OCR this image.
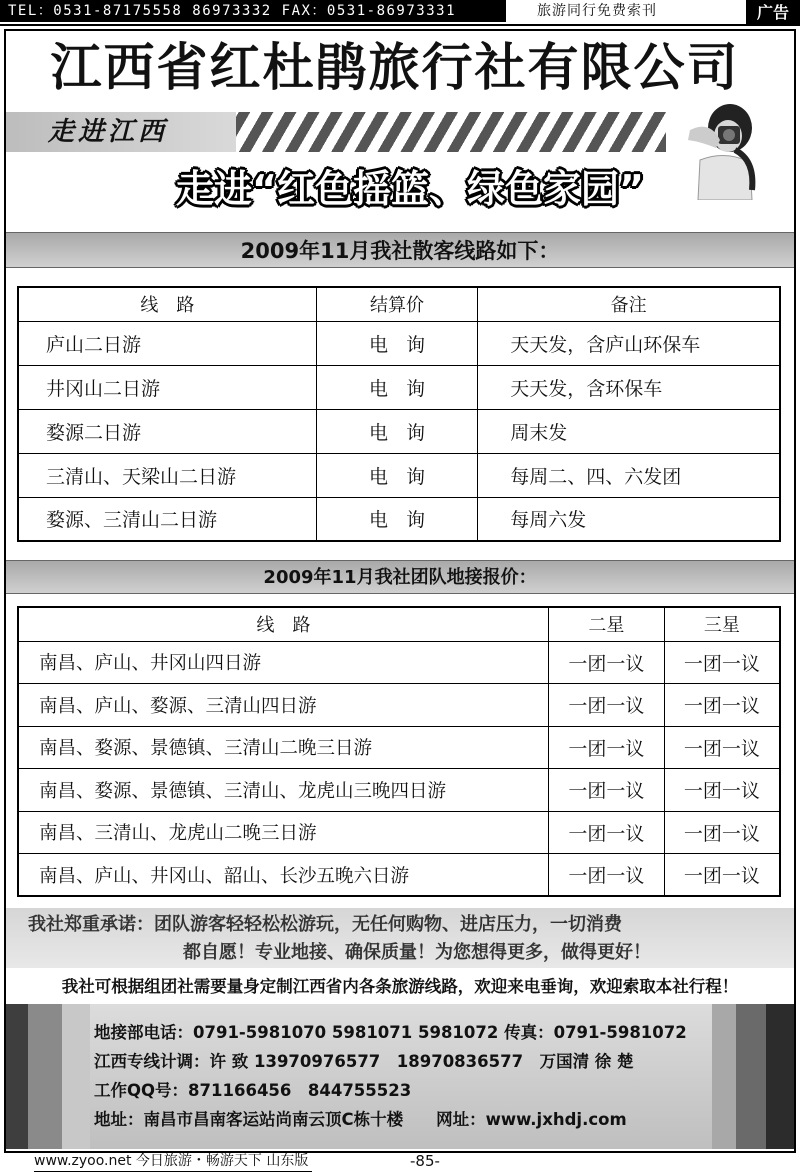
TEL：0531-87175558 86973332 FAX：0531-86973331	旅游同行免费索刊	广告
江西省红杜鹃旅行社有限公司
走进江西
走进“红色摇篮、绿色家园”
2009年11月我社散客线路如下：
线　路	结算价	备注
庐山二日游	电询	天天发，含庐山环保车
井冈山二日游	电询	天天发，含环保车
婺源二日游	电询	周末发
三清山、天梁山二日游	电询	每周二、四、六发团
婺源、三清山二日游	电询	每周六发
2009年11月我社团队地接报价：
线　路	二星	三星
南昌、庐山、井冈山四日游	一团一议	一团一议
南昌、庐山、婺源、三清山四日游	一团一议	一团一议
南昌、婺源、景德镇、三清山二晚三日游	一团一议	一团一议
南昌、婺源、景德镇、三清山、龙虎山三晚四日游	一团一议	一团一议
南昌、三清山、龙虎山二晚三日游	一团一议	一团一议
南昌、庐山、井冈山、韶山、长沙五晚六日游	一团一议	一团一议
我社郑重承诺：团队游客轻轻松松游玩，无任何购物、进店压力，一切消费
都自愿！专业地接、确保质量！为您想得更多，做得更好！
我社可根据组团社需要量身定制江西省内各条旅游线路，欢迎来电垂询，欢迎索取本社行程！
地接部电话：0791-5981070 5981071 5981072 传真：0791-5981072
江西专线计调：许 致 13970976577　18970836577　万国清 徐 楚
工作QQ号：871166456　844755523
地址：南昌市昌南客运站尚南云顶C栋十楼　　网址：www.jxhdj.com
www.zyoo.net 今日旅游・畅游天下 山东版	-85-
